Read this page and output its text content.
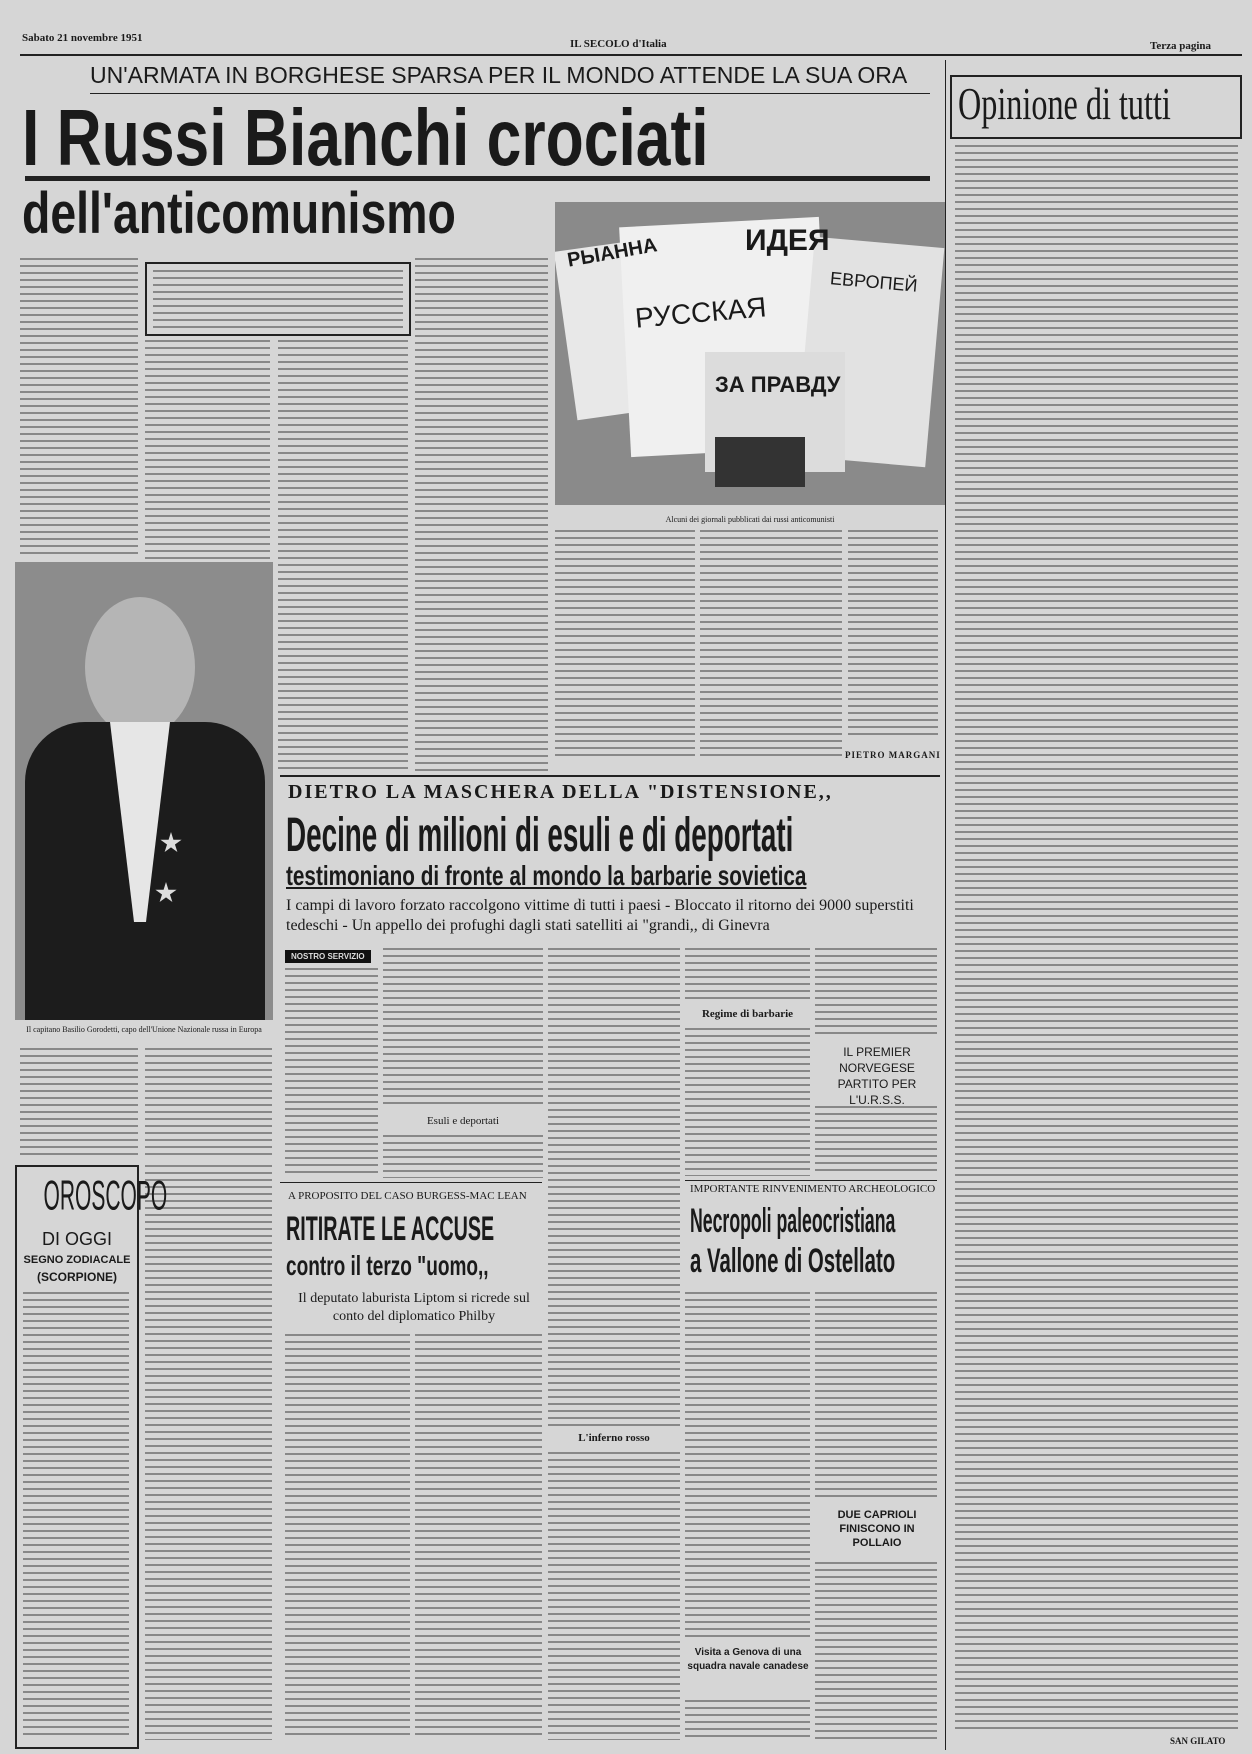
Sabato 21 novembre 1951	IL SECOLO d'Italia	Terza pagina
UN'ARMATA IN BORGHESE SPARSA PER IL MONDO ATTENDE LA SUA ORA
I Russi Bianchi crociati
dell'anticomunismo
РЫАННА
РУССКАЯ
ИДЕЯ
ЗА ПРАВДУ
ЕВРОПЕЙ
Alcuni dei giornali pubblicati dai russi anticomunisti
PIETRO MARGANI
Il capitano Basilio Gorodetti, capo dell'Unione Nazionale russa in Europa
OROSCOPO
DI OGGI
SEGNO ZODIACALE
(SCORPIONE)
DIETRO LA MASCHERA DELLA "DISTENSIONE,,
Decine di milioni di esuli e di deportati
testimoniano di fronte al mondo la barbarie sovietica
I campi di lavoro forzato raccolgono vittime di tutti i paesi - Bloccato il ritorno dei 9000 superstiti tedeschi - Un appello dei profughi dagli stati satelliti ai "grandi,, di Ginevra
NOSTRO SERVIZIO
Esuli e deportati
L'inferno rosso
Regime di barbarie
IL PREMIER NORVEGESE PARTITO PER L'U.R.S.S.
A PROPOSITO DEL CASO BURGESS-MAC LEAN
RITIRATE LE ACCUSE
contro il terzo "uomo,,
Il deputato laburista Liptom si ricrede sul conto del diplomatico Philby
IMPORTANTE RINVENIMENTO ARCHEOLOGICO
Necropoli paleocristiana
a Vallone di Ostellato
DUE CAPRIOLI FINISCONO IN POLLAIO
Visita a Genova di una squadra navale canadese
Opinione di tutti
SAN GILATO
